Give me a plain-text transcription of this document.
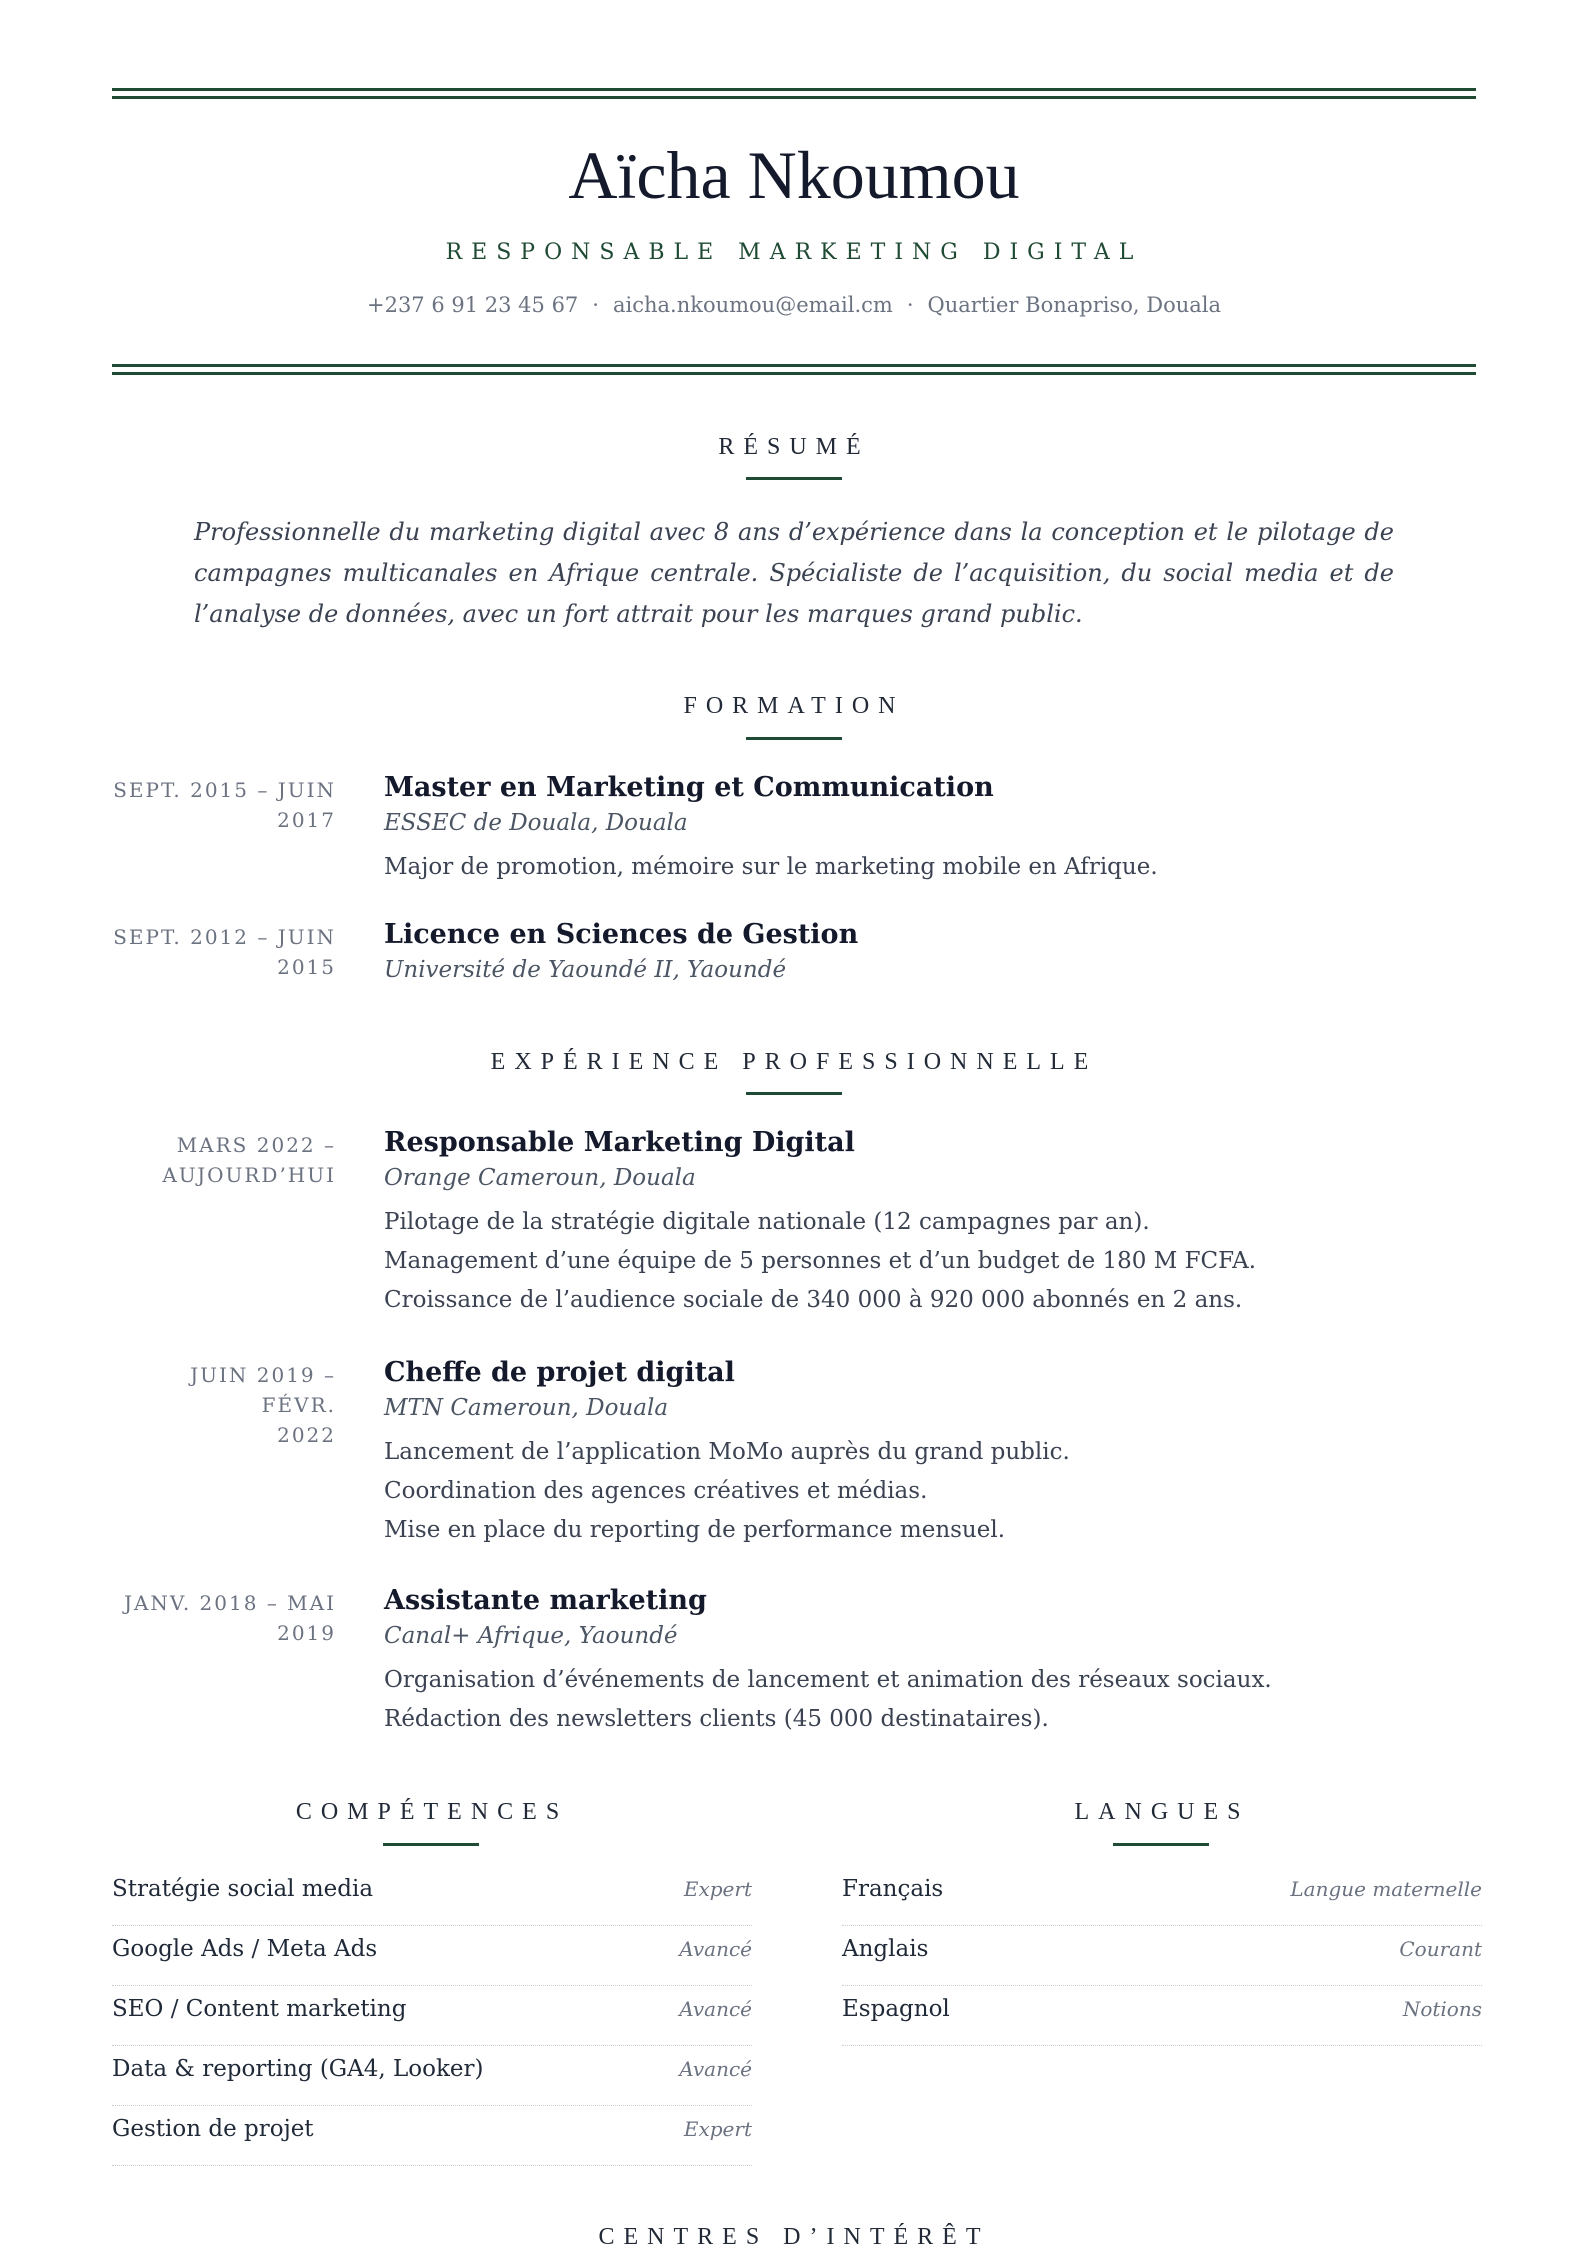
Aïcha Nkoumou
RESPONSABLE MARKETING DIGITAL
+237 6 91 23 45 67 · aicha.nkoumou@email.cm · Quartier Bonapriso, Douala
RÉSUMÉ
Professionnelle du marketing digital avec 8 ans d’expérience dans la conception et le pilotage de campagnes multicanales en Afrique centrale. Spécialiste de l’acquisition, du social media et de l’analyse de données, avec un fort attrait pour les marques grand public.
FORMATION
SEPT. 2015 – JUIN
2017
Master en Marketing et Communication
ESSEC de Douala, Douala
Major de promotion, mémoire sur le marketing mobile en Afrique.
SEPT. 2012 – JUIN
2015
Licence en Sciences de Gestion
Université de Yaoundé II, Yaoundé
EXPÉRIENCE PROFESSIONNELLE
MARS 2022 –
AUJOURD’HUI
Responsable Marketing Digital
Orange Cameroun, Douala
Pilotage de la stratégie digitale nationale (12 campagnes par an).
Management d’une équipe de 5 personnes et d’un budget de 180 M FCFA.
Croissance de l’audience sociale de 340 000 à 920 000 abonnés en 2 ans.
JUIN 2019 – FÉVR.
2022
Cheffe de projet digital
MTN Cameroun, Douala
Lancement de l’application MoMo auprès du grand public.
Coordination des agences créatives et médias.
Mise en place du reporting de performance mensuel.
JANV. 2018 – MAI
2019
Assistante marketing
Canal+ Afrique, Yaoundé
Organisation d’événements de lancement et animation des réseaux sociaux.
Rédaction des newsletters clients (45 000 destinataires).
COMPÉTENCES
Stratégie social media	Expert
Google Ads / Meta Ads	Avancé
SEO / Content marketing	Avancé
Data & reporting (GA4, Looker)	Avancé
Gestion de projet	Expert
LANGUES
Français	Langue maternelle
Anglais	Courant
Espagnol	Notions
CENTRES D’INTÉRÊT
